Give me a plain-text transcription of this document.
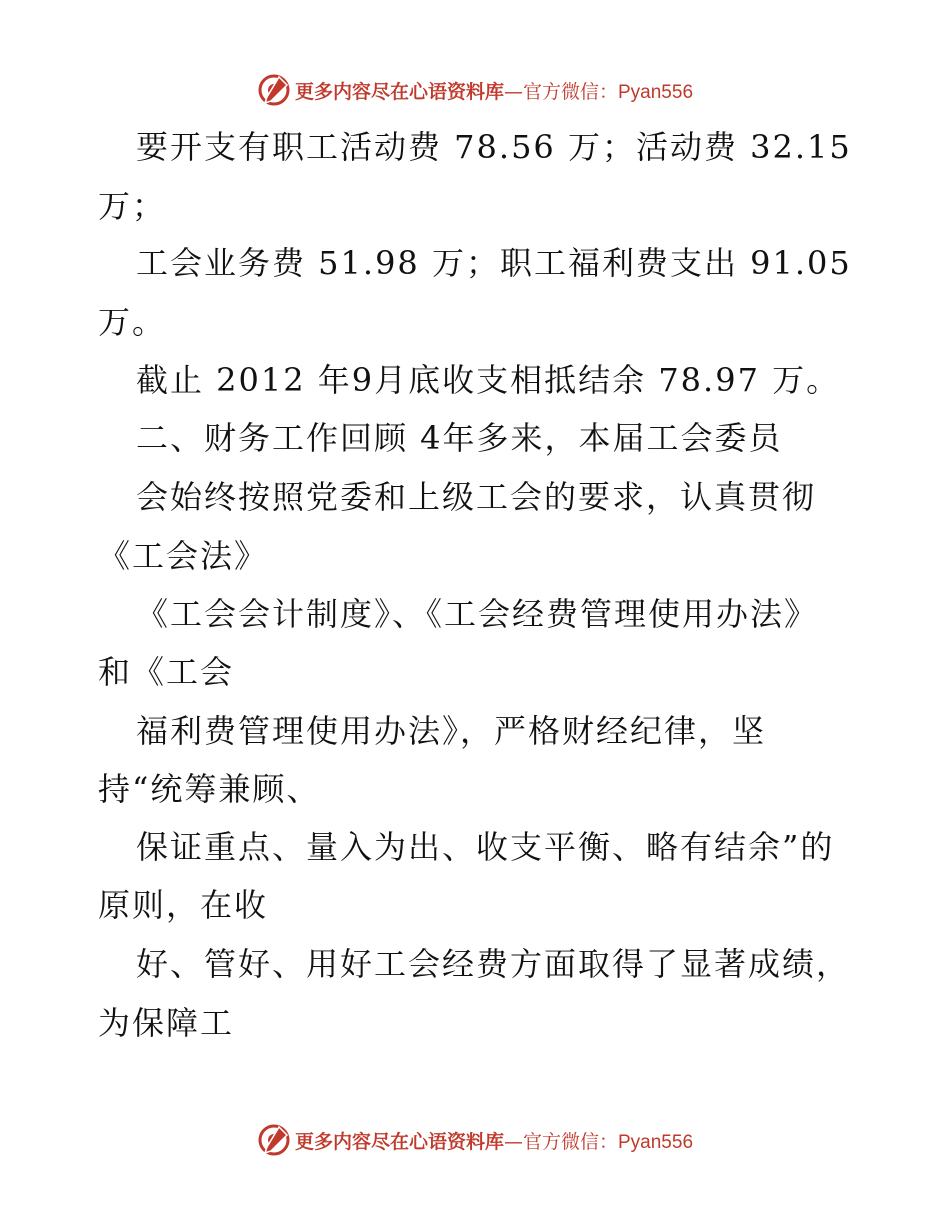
更多内容尽在心语资料库—官方微信：Pyan556
要开支有职工活动费 78.56 万；活动费 32.15
万；
工会业务费 51.98 万；职工福利费支出 91.05
万。
截止 2012 年9月底收支相抵结余 78.97 万。
二、财务工作回顾 4年多来，本届工会委员
会始终按照党委和上级工会的要求，认真贯彻
《工会法》
《工会会计制度》、《工会经费管理使用办法》
和《工会
福利费管理使用办法》，严格财经纪律，坚
持“统筹兼顾、
保证重点、量入为出、收支平衡、略有结余”的
原则，在收
好、管好、用好工会经费方面取得了显著成绩，
为保障工
更多内容尽在心语资料库—官方微信：Pyan556
